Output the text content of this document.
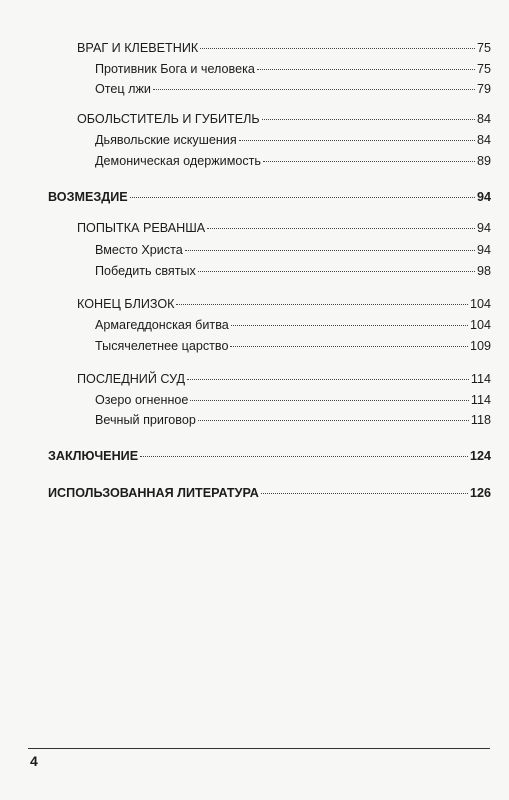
ВРАГ И КЛЕВЕТНИК	75
Противник Бога и человека	75
Отец лжи	79
ОБОЛЬСТИТЕЛЬ И ГУБИТЕЛЬ	84
Дьявольские искушения	84
Демоническая одержимость	89
ВОЗМЕЗДИЕ	94
ПОПЫТКА РЕВАНША	94
Вместо Христа	94
Победить святых	98
КОНЕЦ БЛИЗОК	104
Армагеддонская битва	104
Тысячелетнее царство	109
ПОСЛЕДНИЙ СУД	114
Озеро огненное	114
Вечный приговор	118
ЗАКЛЮЧЕНИЕ	124
ИСПОЛЬЗОВАННАЯ ЛИТЕРАТУРА	126
4
